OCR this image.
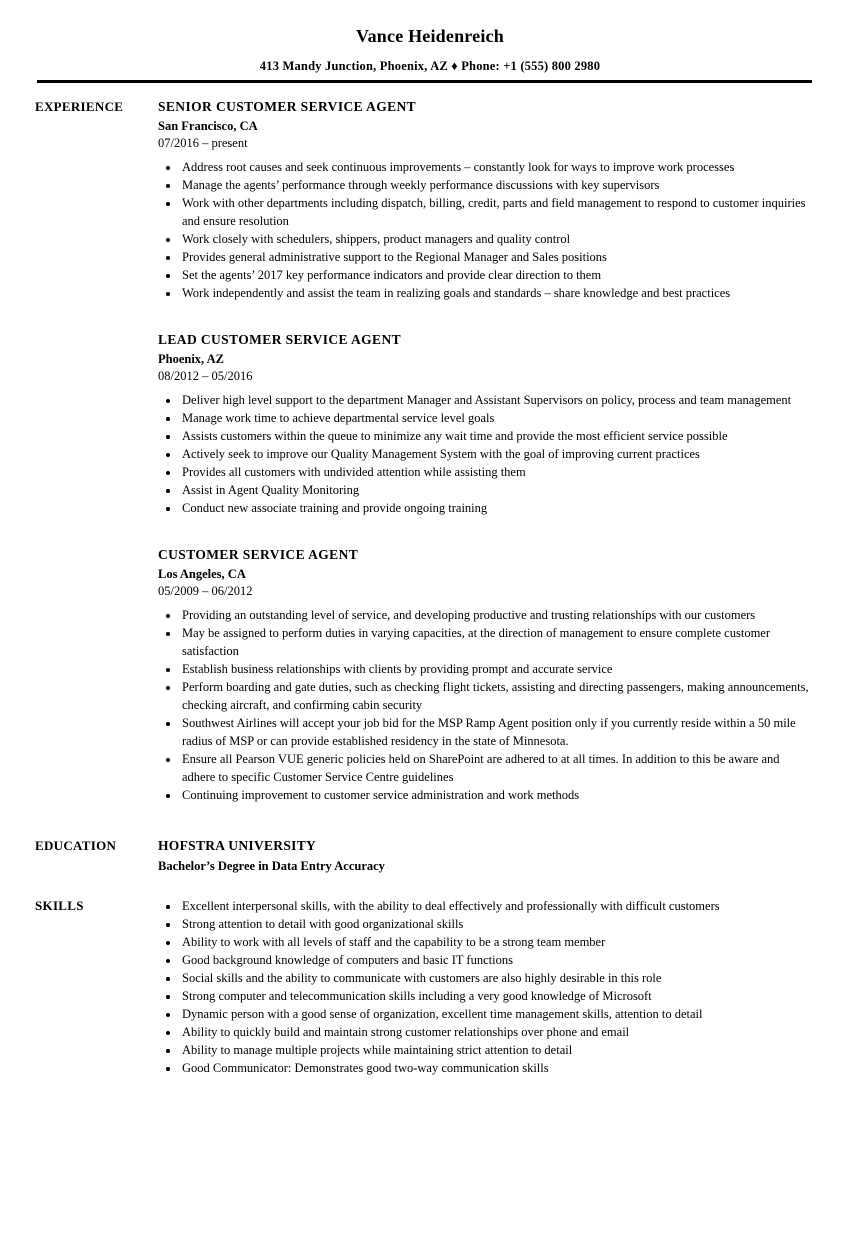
Vance Heidenreich
413 Mandy Junction, Phoenix, AZ ♦ Phone: +1 (555) 800 2980
EXPERIENCE	SENIOR CUSTOMER SERVICE AGENT
San Francisco, CA
07/2016 – present
• Address root causes and seek continuous improvements – constantly look for ways to improve work processes
• Manage the agents’ performance through weekly performance discussions with key supervisors
• Work with other departments including dispatch, billing, credit, parts and field management to respond to customer inquiries and ensure resolution
• Work closely with schedulers, shippers, product managers and quality control
• Provides general administrative support to the Regional Manager and Sales positions
• Set the agents’ 2017 key performance indicators and provide clear direction to them
• Work independently and assist the team in realizing goals and standards – share knowledge and best practices
LEAD CUSTOMER SERVICE AGENT
Phoenix, AZ
08/2012 – 05/2016
• Deliver high level support to the department Manager and Assistant Supervisors on policy, process and team management
• Manage work time to achieve departmental service level goals
• Assists customers within the queue to minimize any wait time and provide the most efficient service possible
• Actively seek to improve our Quality Management System with the goal of improving current practices
• Provides all customers with undivided attention while assisting them
• Assist in Agent Quality Monitoring
• Conduct new associate training and provide ongoing training
CUSTOMER SERVICE AGENT
Los Angeles, CA
05/2009 – 06/2012
• Providing an outstanding level of service, and developing productive and trusting relationships with our customers
• May be assigned to perform duties in varying capacities, at the direction of management to ensure complete customer satisfaction
• Establish business relationships with clients by providing prompt and accurate service
• Perform boarding and gate duties, such as checking flight tickets, assisting and directing passengers, making announcements, checking aircraft, and confirming cabin security
• Southwest Airlines will accept your job bid for the MSP Ramp Agent position only if you currently reside within a 50 mile radius of MSP or can provide established residency in the state of Minnesota.
• Ensure all Pearson VUE generic policies held on SharePoint are adhered to at all times. In addition to this be aware and adhere to specific Customer Service Centre guidelines
• Continuing improvement to customer service administration and work methods
EDUCATION	HOFSTRA UNIVERSITY
Bachelor’s Degree in Data Entry Accuracy
SKILLS	• Excellent interpersonal skills, with the ability to deal effectively and professionally with difficult customers
• Strong attention to detail with good organizational skills
• Ability to work with all levels of staff and the capability to be a strong team member
• Good background knowledge of computers and basic IT functions
• Social skills and the ability to communicate with customers are also highly desirable in this role
• Strong computer and telecommunication skills including a very good knowledge of Microsoft
• Dynamic person with a good sense of organization, excellent time management skills, attention to detail
• Ability to quickly build and maintain strong customer relationships over phone and email
• Ability to manage multiple projects while maintaining strict attention to detail
• Good Communicator: Demonstrates good two-way communication skills
